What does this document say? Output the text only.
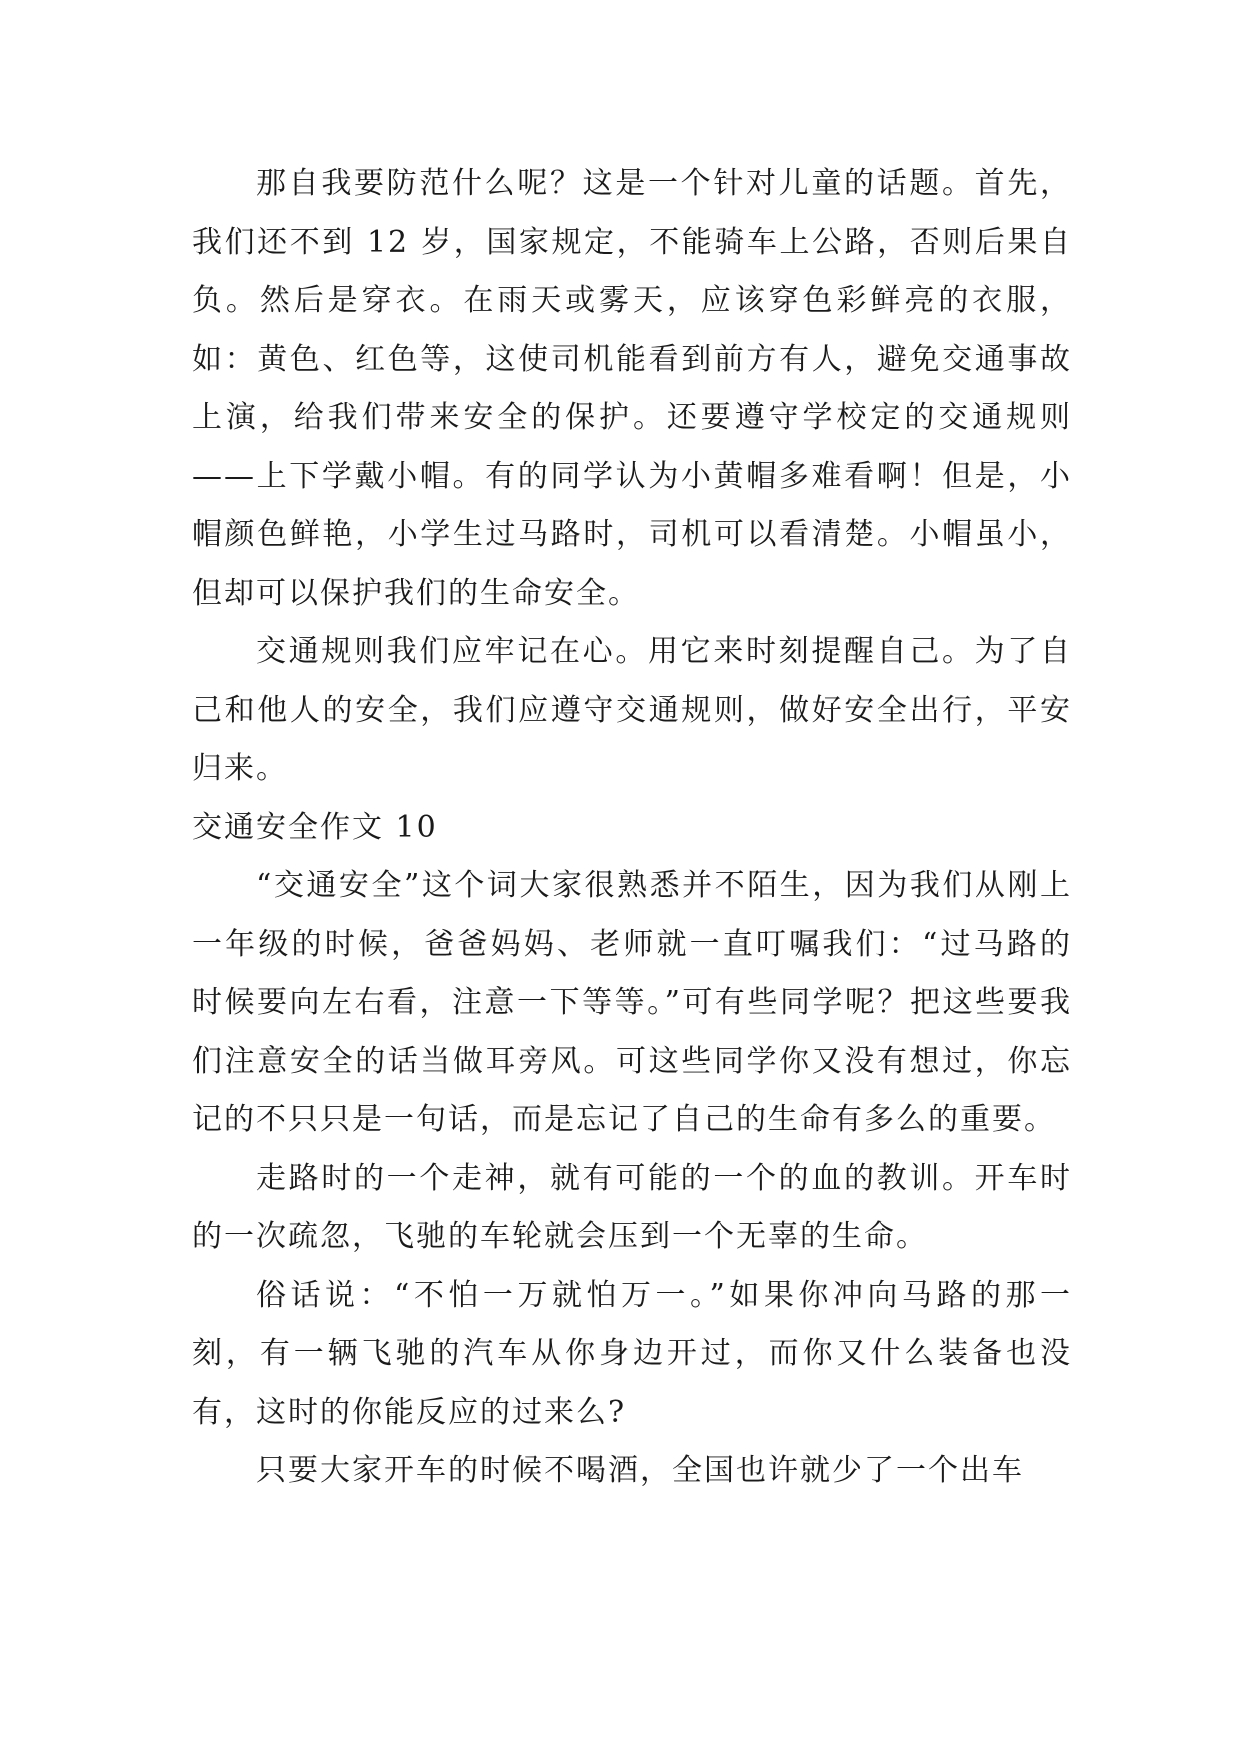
那自我要防范什么呢？这是一个针对儿童的话题。首先，我们还不到 12 岁，国家规定，不能骑车上公路，否则后果自负。然后是穿衣。在雨天或雾天，应该穿色彩鲜亮的衣服，如：黄色、红色等，这使司机能看到前方有人，避免交通事故上演，给我们带来安全的保护。还要遵守学校定的交通规则——上下学戴小帽。有的同学认为小黄帽多难看啊！但是，小帽颜色鲜艳，小学生过马路时，司机可以看清楚。小帽虽小，但却可以保护我们的生命安全。

交通规则我们应牢记在心。用它来时刻提醒自己。为了自己和他人的安全，我们应遵守交通规则，做好安全出行，平安归来。

交通安全作文 10

“交通安全”这个词大家很熟悉并不陌生，因为我们从刚上一年级的时候，爸爸妈妈、老师就一直叮嘱我们：“过马路的时候要向左右看，注意一下等等。”可有些同学呢？把这些要我们注意安全的话当做耳旁风。可这些同学你又没有想过，你忘记的不只只是一句话，而是忘记了自己的生命有多么的重要。

走路时的一个走神，就有可能的一个的血的教训。开车时的一次疏忽，飞驰的车轮就会压到一个无辜的生命。

俗话说：“不怕一万就怕万一。”如果你冲向马路的那一刻，有一辆飞驰的汽车从你身边开过，而你又什么装备也没有，这时的你能反应的过来么?

只要大家开车的时候不喝酒，全国也许就少了一个出车
